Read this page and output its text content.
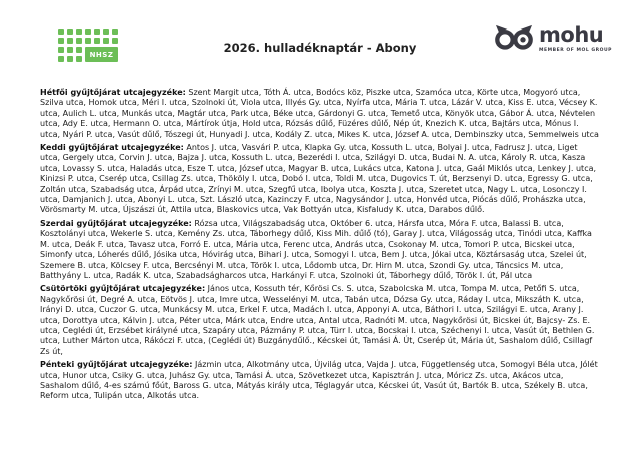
NHSZ	2026. hulladéknaptár - Abony
mohu
MEMBER OF MOL GROUP

Hétfői gyűjtőjárat utcajegyzéke: Szent Margit utca, Tóth Á. utca, Bodócs köz, Piszke utca, Szamóca utca, Körte utca, Mogyoró utca, Szilva utca, Homok utca, Méri I. utca, Szolnoki út, Viola utca, Illyés Gy. utca, Nyírfa utca, Mária T. utca, Lázár V. utca, Kiss E. utca, Vécsey K. utca, Aulich L. utca, Munkás utca, Magtár utca, Park utca, Béke utca, Gárdonyi G. utca, Temető utca, Könyök utca, Gábor Á. utca, Névtelen utca, Ady E. utca, Hermann O. utca, Mártírok útja, Hold utca, Rózsás dűlő, Füzéres dűlő, Nép út, Knezich K. utca, Bajtárs utca, Mónus I. utca, Nyári P. utca, Vasút dűlő, Tószegi út, Hunyadi J. utca, Kodály Z. utca, Mikes K. utca, József A. utca, Dembinszky utca, Semmelweis utca

Keddi gyűjtőjárat utcajegyzéke: Antos J. utca, Vasvári P. utca, Klapka Gy. utca, Kossuth L. utca, Bolyai J. utca, Fadrusz J. utca, Liget utca, Gergely utca, Corvin J. utca, Bajza J. utca, Kossuth L. utca, Bezerédi I. utca, Szilágyi D. utca, Budai N. A. utca, Károly R. utca, Kasza utca, Lovassy S. utca, Haladás utca, Esze T. utca, József utca, Magyar B. utca, Lukács utca, Katona J. utca, Gaál Miklós utca, Lenkey J. utca, Kinizsi P. utca, Cserép utca, Csillag Zs. utca, Thököly I. utca, Dobó I. utca, Toldi M. utca, Dugovics T. út, Berzsenyi D. utca, Egressy G. utca, Zoltán utca, Szabadság utca, Árpád utca, Zrínyi M. utca, Szegfű utca, Ibolya utca, Koszta J. utca, Szeretet utca, Nagy L. utca, Losonczy I. utca, Damjanich J. utca, Abonyi L. utca, Szt. László utca, Kazinczy F. utca, Nagysándor J. utca, Honvéd utca, Piócás dűlő, Prohászka utca, Vörösmarty M. utca, Újszászi út, Attila utca, Blaskovics utca, Vak Bottyán utca, Kisfaludy K. utca, Darabos dűlő.

Szerdai gyűjtőjárat utcajegyzéke: Rózsa utca, Világszabadság utca, Október 6. utca, Hársfa utca, Móra F. utca, Balassi B. utca, Kosztolányi utca, Wekerle S. utca, Kemény Zs. utca, Táborhegy dűlő, Kiss Mih. dűlő (tó), Garay J. utca, Világosság utca, Tinódi utca, Kaffka M. utca, Deák F. utca, Tavasz utca, Forró E. utca, Mária utca, Ferenc utca, András utca, Csokonay M. utca, Tomori P. utca, Bicskei utca, Simonfy utca, Lóherés dűlő, Jósika utca, Hóvirág utca, Bihari J. utca, Somogyi I. utca, Bem J. utca, Jókai utca, Köztársaság utca, Szelei út, Szemere B. utca, Kölcsey F. utca, Bercsényi M. utca, Török I. utca, Lődomb utca, Dr. Hirn M. utca, Szondi Gy. utca, Táncsics M. utca, Batthyány L. utca, Radák K. utca, Szabadságharcos utca, Harkányi F. utca, Szolnoki út, Táborhegy dűlő, Török I. út, Pál utca

Csütörtöki gyűjtőjárat utcajegyzéke: János utca, Kossuth tér, Kőrösi Cs. S. utca, Szabolcska M. utca, Tompa M. utca, Petőfi S. utca, Nagykőrösi út, Degré A. utca, Eötvös J. utca, Imre utca, Wesselényi M. utca, Tabán utca, Dózsa Gy. utca, Ráday I. utca, Mikszáth K. utca, Irányi D. utca, Cuczor G. utca, Munkácsy M. utca, Erkel F. utca, Madách I. utca, Apponyi A. utca, Báthori I. utca, Szilágyi E. utca, Arany J. utca, Dorottya utca, Kálvin J. utca, Péter utca, Márk utca, Endre utca, Antal utca, Radnóti M. utca, Nagykőrösi út, Bicskei út, Bajcsy- Zs. E. utca, Ceglédi út, Erzsébet királyné utca, Szapáry utca, Pázmány P. utca, Türr I. utca, Bocskai I. utca, Széchenyi I. utca, Vasút út, Bethlen G. utca, Luther Márton utca, Rákóczi F. utca, (Ceglédi út) Buzgánydűlő., Kécskei út, Tamási Á. Út, Cserép út, Mária út, Sashalom dűlő, Csillagf Zs út,

Pénteki gyűjtőjárat utcajegyzéke: Jázmin utca, Alkotmány utca, Újvilág utca, Vajda J. utca, Függetlenség utca, Somogyi Béla utca, Jólét utca, Hunor utca, Csiky G. utca, Juhász Gy. utca, Tamási Á. utca, Szövetkezet utca, Kapisztrán J. utca, Móricz Zs. utca, Akácos utca, Sashalom dűlő, 4-es számú főút, Baross G. utca, Mátyás király utca, Téglagyár utca, Kécskei út, Vasút út, Bartók B. utca, Székely B. utca, Reform utca, Tulipán utca, Alkotás utca.
